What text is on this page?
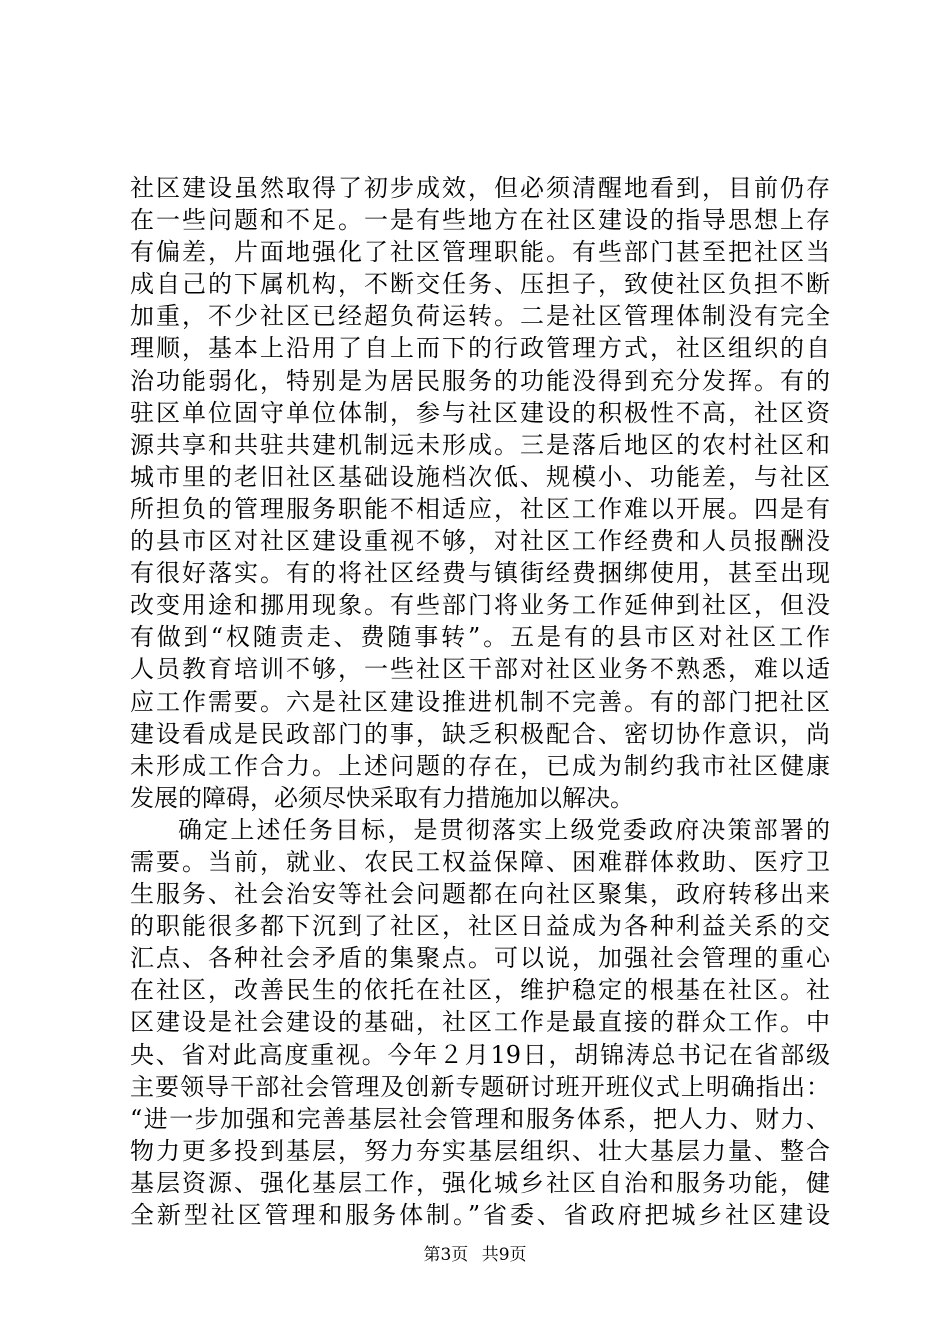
社区建设虽然取得了初步成效，但必须清醒地看到，目前仍存
在一些问题和不足。一是有些地方在社区建设的指导思想上存
有偏差，片面地强化了社区管理职能。有些部门甚至把社区当
成自己的下属机构，不断交任务、压担子，致使社区负担不断
加重，不少社区已经超负荷运转。二是社区管理体制没有完全
理顺，基本上沿用了自上而下的行政管理方式，社区组织的自
治功能弱化，特别是为居民服务的功能没得到充分发挥。有的
驻区单位固守单位体制，参与社区建设的积极性不高，社区资
源共享和共驻共建机制远未形成。三是落后地区的农村社区和
城市里的老旧社区基础设施档次低、规模小、功能差，与社区
所担负的管理服务职能不相适应，社区工作难以开展。四是有
的县市区对社区建设重视不够，对社区工作经费和人员报酬没
有很好落实。有的将社区经费与镇街经费捆绑使用，甚至出现
改变用途和挪用现象。有些部门将业务工作延伸到社区，但没
有做到“权随责走、费随事转”。五是有的县市区对社区工作
人员教育培训不够，一些社区干部对社区业务不熟悉，难以适
应工作需要。六是社区建设推进机制不完善。有的部门把社区
建设看成是民政部门的事，缺乏积极配合、密切协作意识，尚
未形成工作合力。上述问题的存在，已成为制约我市社区健康
发展的障碍，必须尽快采取有力措施加以解决。
确定上述任务目标，是贯彻落实上级党委政府决策部署的
需要。当前，就业、农民工权益保障、困难群体救助、医疗卫
生服务、社会治安等社会问题都在向社区聚集，政府转移出来
的职能很多都下沉到了社区，社区日益成为各种利益关系的交
汇点、各种社会矛盾的集聚点。可以说，加强社会管理的重心
在社区，改善民生的依托在社区，维护稳定的根基在社区。社
区建设是社会建设的基础，社区工作是最直接的群众工作。中
央、省对此高度重视。今年２月19日，胡锦涛总书记在省部级
主要领导干部社会管理及创新专题研讨班开班仪式上明确指出：
“进一步加强和完善基层社会管理和服务体系，把人力、财力、
物力更多投到基层，努力夯实基层组织、壮大基层力量、整合
基层资源、强化基层工作，强化城乡社区自治和服务功能，健
全新型社区管理和服务体制。”省委、省政府把城乡社区建设
第3页 共9页
